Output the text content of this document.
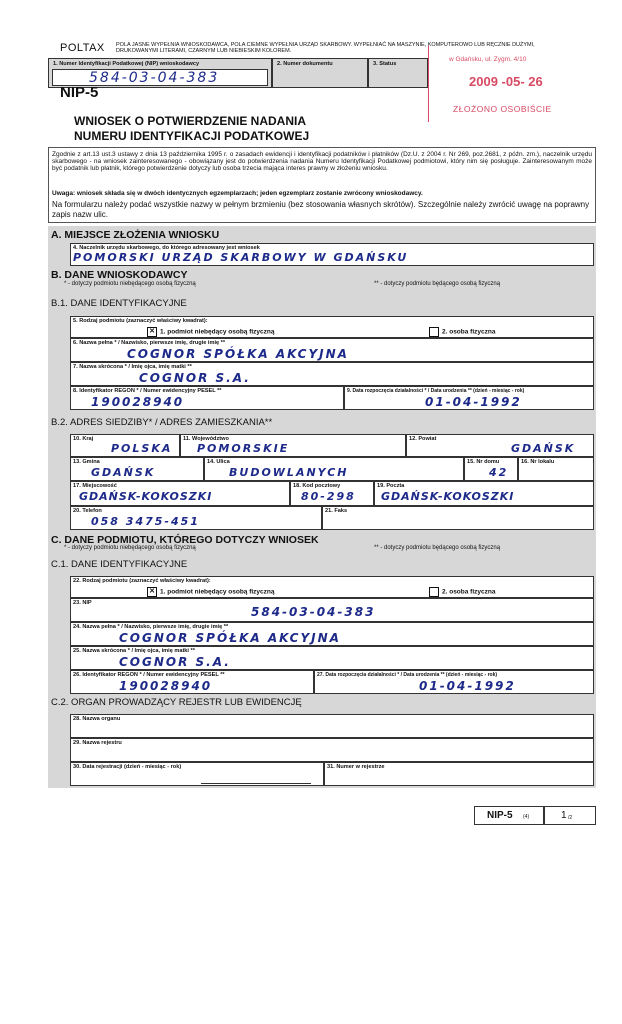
POLTAX POLA JASNE WYPEŁNIA WNIOSKODAWCA, POLA CIEMNE WYPEŁNIA URZĄD SKARBOWY. WYPEŁNIAĆ NA MASZYNIE, KOMPUTEROWO LUB RĘCZNIE DUŻYMI, DRUKOWANYMI LITERAMI, CZARNYM LUB NIEBIESKIM KOLOREM.
1. Numer Identyfikacji Podatkowej (NIP) wnioskodawcy
584-03-04-383
2. Numer dokumentu	3. Status
NIP-5
WNIOSEK O POTWIERDZENIE NADANIA
NUMERU IDENTYFIKACJI PODATKOWEJ
w Gdańsku, ul. Zygm. 4/10
2009 -05- 26
ZŁOŻONO OSOBIŚCIE
Zgodnie z art.13 ust.3 ustawy z dnia 13 października 1995 r. o zasadach ewidencji i identyfikacji podatników i płatników (Dz.U. z 2004 r. Nr 269, poz.2681, z późn. zm.), naczelnik urzędu skarbowego - na wniosek zainteresowanego - obowiązany jest do potwierdzenia nadania Numeru Identyfikacji Podatkowej podmiotowi, który nim się posługuje. Zainteresowanym może być podatnik lub płatnik, którego potwierdzenie dotyczy lub osoba trzecia mająca interes prawny w złożeniu wniosku.
Uwaga: wniosek składa się w dwóch identycznych egzemplarzach; jeden egzemplarz zostanie zwrócony wnioskodawcy.
Na formularzu należy podać wszystkie nazwy w pełnym brzmieniu (bez stosowania własnych skrótów). Szczególnie należy zwrócić uwagę na poprawny zapis nazw ulic.
A. MIEJSCE ZŁOŻENIA WNIOSKU
4. Naczelnik urzędu skarbowego, do którego adresowany jest wniosek
POMORSKI URZĄD SKARBOWY W GDAŃSKU
B. DANE WNIOSKODAWCY
* - dotyczy podmiotu niebędącego osobą fizyczną	** - dotyczy podmiotu będącego osobą fizyczną
B.1. DANE IDENTYFIKACYJNE
5. Rodzaj podmiotu (zaznaczyć właściwy kwadrat):
✕ 1. podmiot niebędący osobą fizyczną	2. osoba fizyczna
6. Nazwa pełna * / Nazwisko, pierwsze imię, drugie imię **
COGNOR SPÓŁKA AKCYJNA
7. Nazwa skrócona * / Imię ojca, imię matki **
COGNOR S.A.
8. Identyfikator REGON * / Numer ewidencyjny PESEL **
190028940
9. Data rozpoczęcia działalności * / Data urodzenia ** (dzień - miesiąc - rok)
01-04-1992
B.2. ADRES SIEDZIBY* / ADRES ZAMIESZKANIA**
10. Kraj
POLSKA
11. Województwo
POMORSKIE
12. Powiat
GDAŃSK
13. Gmina
GDAŃSK
14. Ulica
BUDOWLANYCH
15. Nr domu
42
16. Nr lokalu
17. Miejscowość
GDAŃSK-KOKOSZKI
18. Kod pocztowy
80-298
19. Poczta
GDAŃSK-KOKOSZKI
20. Telefon
058 3475-451
21. Faks
C. DANE PODMIOTU, KTÓREGO DOTYCZY WNIOSEK
* - dotyczy podmiotu niebędącego osobą fizyczną	** - dotyczy podmiotu będącego osobą fizyczną
C.1. DANE IDENTYFIKACYJNE
22. Rodzaj podmiotu (zaznaczyć właściwy kwadrat):
✕ 1. podmiot niebędący osobą fizyczną	2. osoba fizyczna
23. NIP
584-03-04-383
24. Nazwa pełna * / Nazwisko, pierwsze imię, drugie imię **
COGNOR SPÓŁKA AKCYJNA
25. Nazwa skrócona * / Imię ojca, imię matki **
COGNOR S.A.
26. Identyfikator REGON * / Numer ewidencyjny PESEL **
190028940
27. Data rozpoczęcia działalności * / Data urodzenia ** (dzień - miesiąc - rok)
01-04-1992
C.2. ORGAN PROWADZĄCY REJESTR LUB EWIDENCJĘ
28. Nazwa organu
29. Nazwa rejestru
30. Data rejestracji (dzień - miesiąc - rok)	31. Numer w rejestrze
NIP-5 (4)	1 /2
